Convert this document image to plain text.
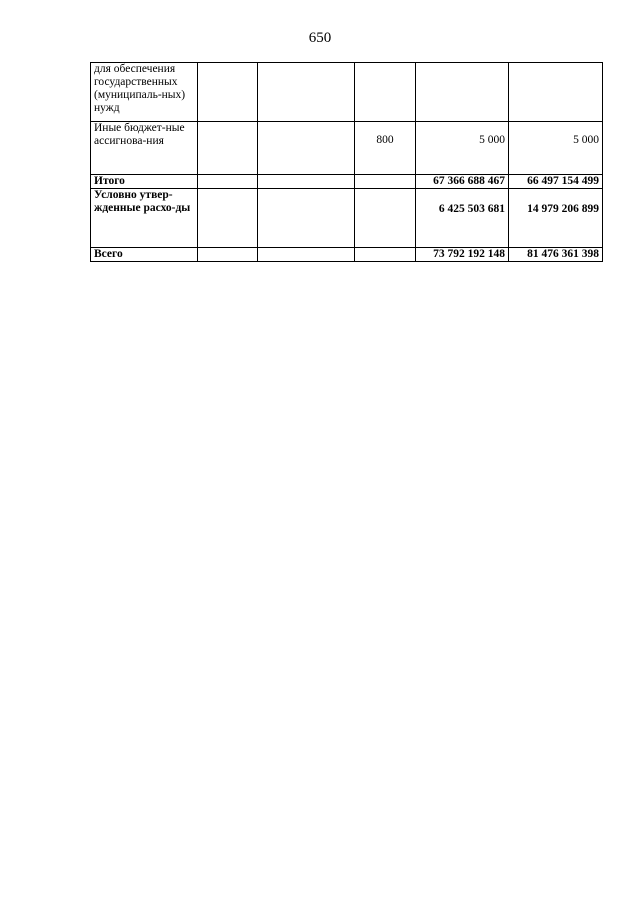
650
для обеспечения государственных (муниципаль-ных) нужд					
Иные бюджет-ные ассигнова-ния			800	5 000	5 000
Итого				67 366 688 467	66 497 154 499
Условно утвер-жденные расхо-ды				6 425 503 681	14 979 206 899
Всего				73 792 192 148	81 476 361 398
